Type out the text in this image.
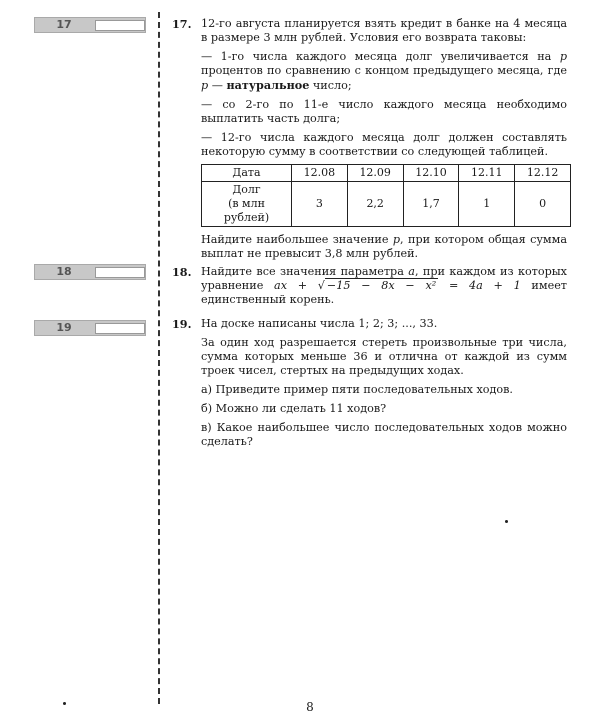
17
18
19
17. 12-го августа планируется взять кредит в банке на 4 месяца в размере 3 млн рублей. Условия его возврата таковы:

— 1-го числа каждого месяца долг увеличивается на p процентов по сравнению с концом предыдущего месяца, где p — натуральное число;

— со 2-го по 11-е число каждого месяца необходимо выплатить часть долга;

— 12-го числа каждого месяца долг должен составлять некоторую сумму в соответствии со следующей таблицей.

Дата	12.08	12.09	12.10	12.11	12.12
Долг
(в млн рублей)	3	2,2	1,7	1	0

Найдите наибольшее значение p, при котором общая сумма выплат не превысит 3,8 млн рублей.

18. Найдите все значения параметра a, при каждом из которых уравнение ax + √ −15 − 8x − x² = 4a + 1 имеет единственный корень.

19. На доске написаны числа 1; 2; 3; ..., 33.

За один ход разрешается стереть произвольные три числа, сумма которых меньше 36 и отлична от каждой из сумм троек чисел, стертых на предыдущих ходах.

а) Приведите пример пяти последовательных ходов.

б) Можно ли сделать 11 ходов?

в) Какое наибольшее число последовательных ходов можно сделать?

8
